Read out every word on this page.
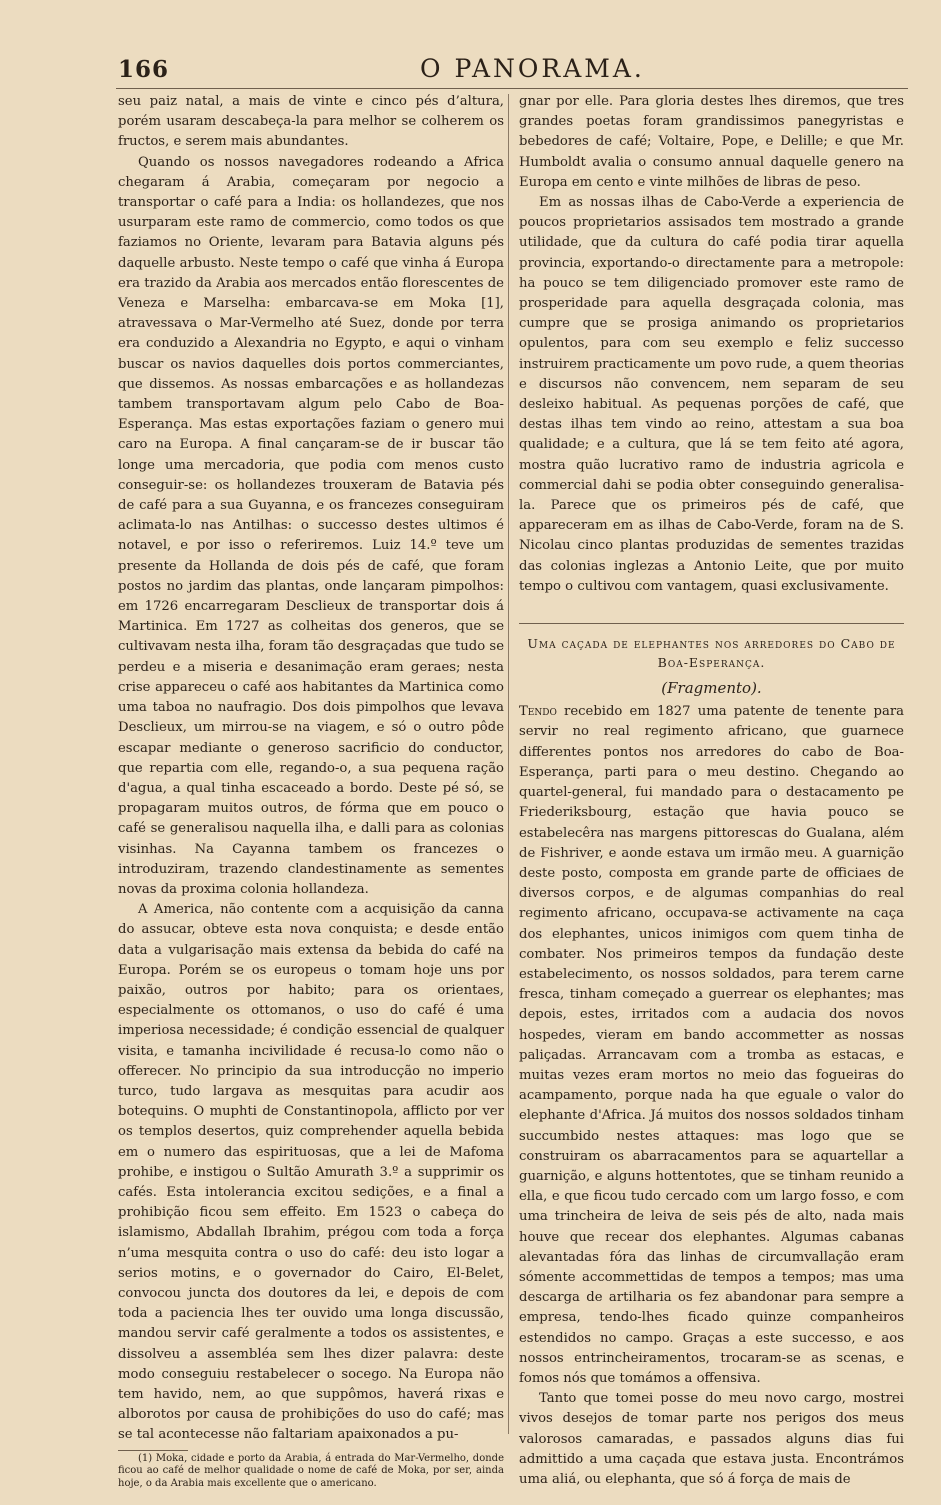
166	O PANORAMA.

seu paiz natal, a mais de vinte e cinco pés d’altura, porém usaram descabeça-la para melhor se colherem os fructos, e serem mais abundantes.

Quando os nossos navegadores rodeando a Africa chegaram á Arabia, começaram por negocio a transportar o café para a India: os hollandezes, que nos usurparam este ramo de commercio, como todos os que faziamos no Oriente, levaram para Batavia alguns pés daquelle arbusto. Neste tempo o café que vinha á Europa era trazido da Arabia aos mercados então florescentes de Veneza e Marselha: embarcava-se em Moka [1], atravessava o Mar-Vermelho até Suez, donde por terra era conduzido a Alexandria no Egypto, e aqui o vinham buscar os navios daquelles dois portos commerciantes, que dissemos. As nossas embarcações e as hollandezas tambem transportavam algum pelo Cabo de Boa-Esperança. Mas estas exportações faziam o genero mui caro na Europa. A final cançaram-se de ir buscar tão longe uma mercadoria, que podia com menos custo conseguir-se: os hollandezes trouxeram de Batavia pés de café para a sua Guyanna, e os francezes conseguiram aclimata-lo nas Antilhas: o successo destes ultimos é notavel, e por isso o referiremos. Luiz 14.º teve um presente da Hollanda de dois pés de café, que foram postos no jardim das plantas, onde lançaram pimpolhos: em 1726 encarregaram Desclieux de transportar dois á Martinica. Em 1727 as colheitas dos generos, que se cultivavam nesta ilha, foram tão desgraçadas que tudo se perdeu e a miseria e desanimação eram geraes; nesta crise appareceu o café aos habitantes da Martinica como uma taboa no naufragio. Dos dois pimpolhos que levava Desclieux, um mirrou-se na viagem, e só o outro pôde escapar mediante o generoso sacrificio do conductor, que repartia com elle, regando-o, a sua pequena ração d'agua, a qual tinha escaceado a bordo. Deste pé só, se propagaram muitos outros, de fórma que em pouco o café se generalisou naquella ilha, e dalli para as colonias visinhas. Na Cayanna tambem os francezes o introduziram, trazendo clandestinamente as sementes novas da proxima colonia hollandeza.

A America, não contente com a acquisição da canna do assucar, obteve esta nova conquista; e desde então data a vulgarisação mais extensa da bebida do café na Europa. Porém se os europeus o tomam hoje uns por paixão, outros por habito; para os orientaes, especialmente os ottomanos, o uso do café é uma imperiosa necessidade; é condição essencial de qualquer visita, e tamanha incivilidade é recusa-lo como não o offerecer. No principio da sua introducção no imperio turco, tudo largava as mesquitas para acudir aos botequins. O muphti de Constantinopola, afflicto por ver os templos desertos, quiz comprehender aquella bebida em o numero das espirituosas, que a lei de Mafoma prohibe, e instigou o Sultão Amurath 3.º a supprimir os cafés. Esta intolerancia excitou sedições, e a final a prohibição ficou sem effeito. Em 1523 o cabeça do islamismo, Abdallah Ibrahim, prégou com toda a força n’uma mesquita contra o uso do café: deu isto logar a serios motins, e o governador do Cairo, El-Belet, convocou juncta dos doutores da lei, e depois de com toda a paciencia lhes ter ouvido uma longa discussão, mandou servir café geralmente a todos os assistentes, e dissolveu a assembléa sem lhes dizer palavra: deste modo conseguiu restabelecer o socego. Na Europa não tem havido, nem, ao que suppômos, haverá rixas e alborotos por causa de prohibições do uso do café; mas se tal acontecesse não faltariam apaixonados a pu-

(1) Moka, cidade e porto da Arabia, á entrada do Mar-Vermelho, donde ficou ao café de melhor qualidade o nome de café de Moka, por ser, ainda hoje, o da Arabia mais excellente que o americano.

gnar por elle. Para gloria destes lhes diremos, que tres grandes poetas foram grandissimos panegyristas e bebedores de café; Voltaire, Pope, e Delille; e que Mr. Humboldt avalia o consumo annual daquelle genero na Europa em cento e vinte milhões de libras de peso.

Em as nossas ilhas de Cabo-Verde a experiencia de poucos proprietarios assisados tem mostrado a grande utilidade, que da cultura do café podia tirar aquella provincia, exportando-o directamente para a metropole: ha pouco se tem diligenciado promover este ramo de prosperidade para aquella desgraçada colonia, mas cumpre que se prosiga animando os proprietarios opulentos, para com seu exemplo e feliz successo instruirem practicamente um povo rude, a quem theorias e discursos não convencem, nem separam de seu desleixo habitual. As pequenas porções de café, que destas ilhas tem vindo ao reino, attestam a sua boa qualidade; e a cultura, que lá se tem feito até agora, mostra quão lucrativo ramo de industria agricola e commercial dahi se podia obter conseguindo generalisa-la. Parece que os primeiros pés de café, que appareceram em as ilhas de Cabo-Verde, foram na de S. Nicolau cinco plantas produzidas de sementes trazidas das colonias inglezas a Antonio Leite, que por muito tempo o cultivou com vantagem, quasi exclusivamente.

Uma caçada de elephantes nos arredores do Cabo de Boa-Esperança.
(Fragmento).

Tendo recebido em 1827 uma patente de tenente para servir no real regimento africano, que guarnece differentes pontos nos arredores do cabo de Boa-Esperança, parti para o meu destino. Chegando ao quartel-general, fui mandado para o destacamento pe Friederiksbourg, estação que havia pouco se estabelecêra nas margens pittorescas do Gualana, além de Fishriver, e aonde estava um irmão meu. A guarnição deste posto, composta em grande parte de officiaes de diversos corpos, e de algumas companhias do real regimento africano, occupava-se activamente na caça dos elephantes, unicos inimigos com quem tinha de combater. Nos primeiros tempos da fundação deste estabelecimento, os nossos soldados, para terem carne fresca, tinham começado a guerrear os elephantes; mas depois, estes, irritados com a audacia dos novos hospedes, vieram em bando accommetter as nossas paliçadas. Arrancavam com a tromba as estacas, e muitas vezes eram mortos no meio das fogueiras do acampamento, porque nada ha que eguale o valor do elephante d'Africa. Já muitos dos nossos soldados tinham succumbido nestes attaques: mas logo que se construiram os abarracamentos para se aquartellar a guarnição, e alguns hottentotes, que se tinham reunido a ella, e que ficou tudo cercado com um largo fosso, e com uma trincheira de leiva de seis pés de alto, nada mais houve que recear dos elephantes. Algumas cabanas alevantadas fóra das linhas de circumvallação eram sómente accommettidas de tempos a tempos; mas uma descarga de artilharia os fez abandonar para sempre a empresa, tendo-lhes ficado quinze companheiros estendidos no campo. Graças a este successo, e aos nossos entrincheiramentos, trocaram-se as scenas, e fomos nós que tomámos a offensiva.

Tanto que tomei posse do meu novo cargo, mostrei vivos desejos de tomar parte nos perigos dos meus valorosos camaradas, e passados alguns dias fui admittido a uma caçada que estava justa. Encontrámos uma aliá, ou elephanta, que só á força de mais de
